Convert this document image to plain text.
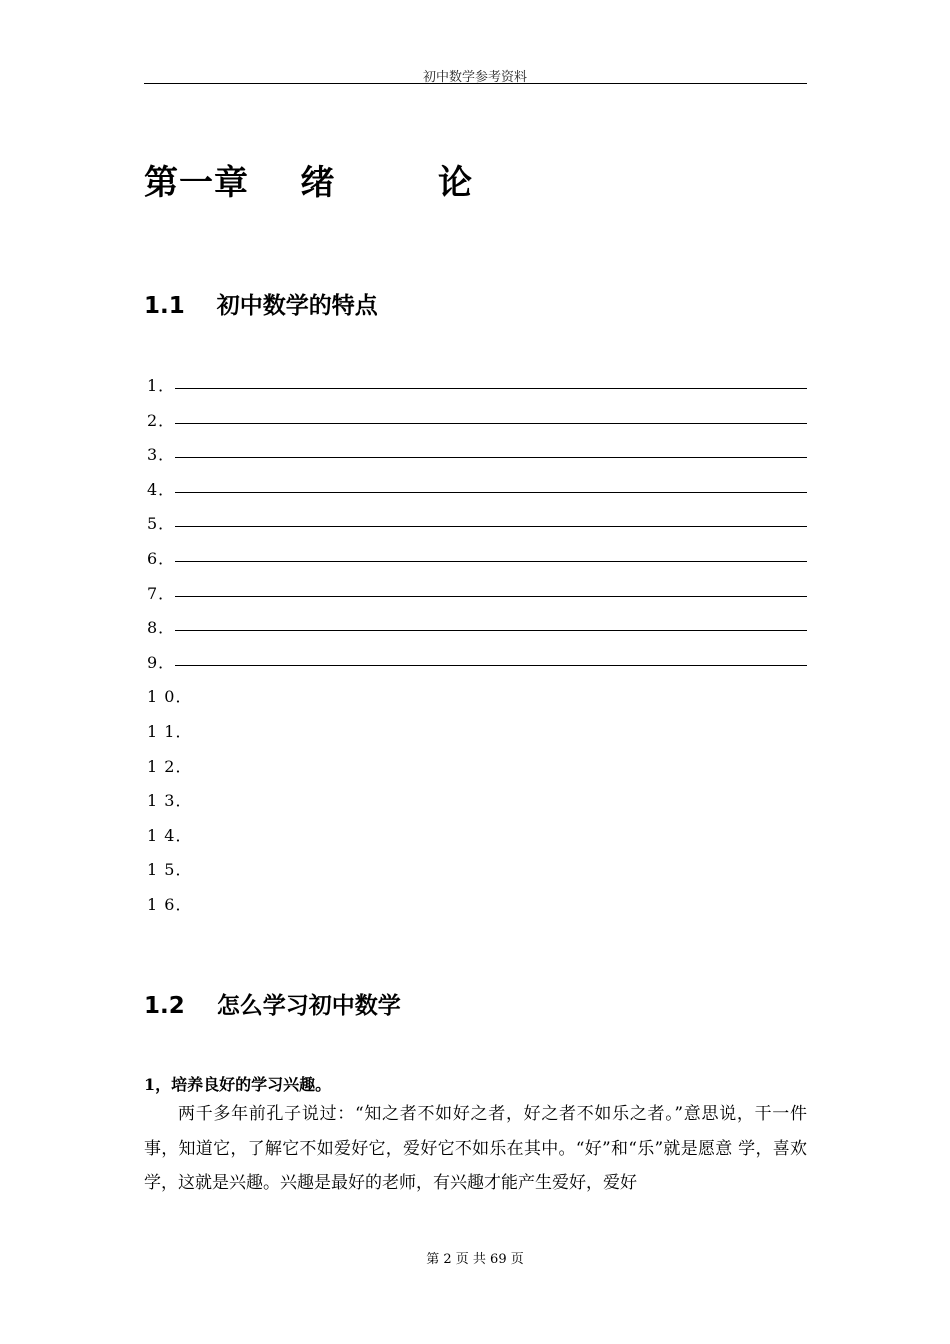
初中数学参考资料
第一章    绪        论
1.1    初中数学的特点
1．
2．
3．
4．
5．
6．
7．
8．
9．
1 0．
1 1．
1 2．
1 3．
1 4．
1 5．
1 6．
1.2    怎么学习初中数学
1，培养良好的学习兴趣。

两千多年前孔子说过：“知之者不如好之者，好之者不如乐之者。”意思说，干一件事，知道它，了解它不如爱好它，爱好它不如乐在其中。“好”和“乐”就是愿意 学，喜欢学，这就是兴趣。兴趣是最好的老师，有兴趣才能产生爱好，爱好

第 2 页 共 69 页
